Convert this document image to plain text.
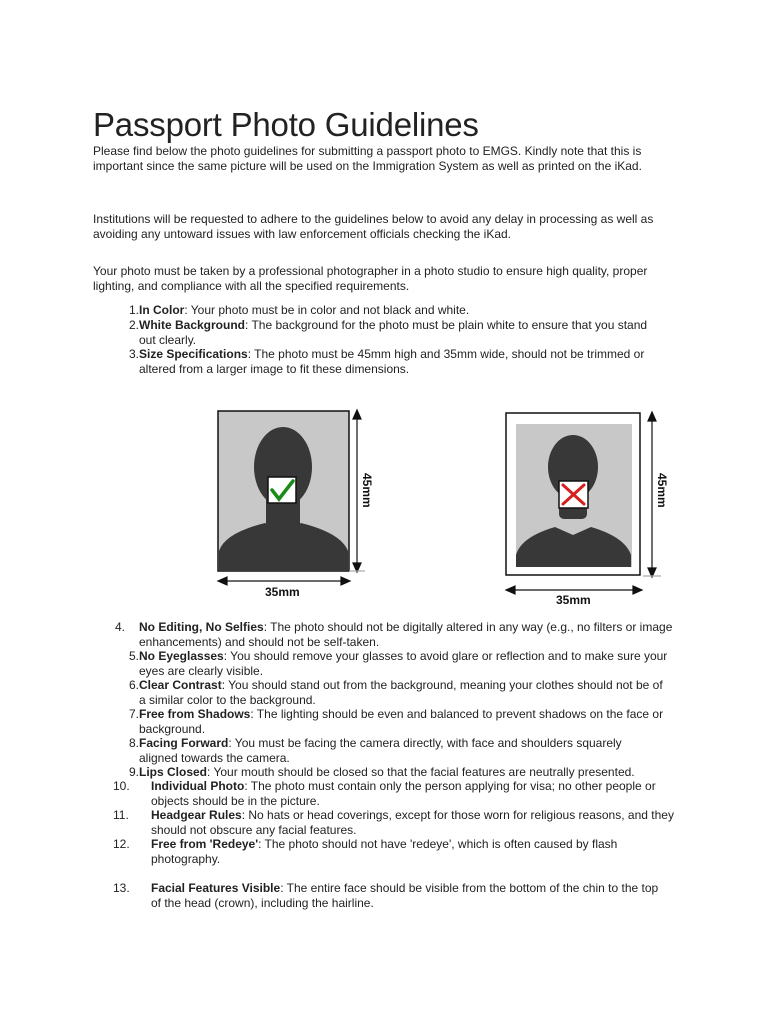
Passport Photo Guidelines

Please find below the photo guidelines for submitting a passport photo to EMGS. Kindly note that this is important since the same picture will be used on the Immigration System as well as printed on the iKad.

Institutions will be requested to adhere to the guidelines below to avoid any delay in processing as well as avoiding any untoward issues with law enforcement officials checking the iKad.

Your photo must be taken by a professional photographer in a photo studio to ensure high quality, proper lighting, and compliance with all the specified requirements.

1. In Color: Your photo must be in color and not black and white.
2. White Background: The background for the photo must be plain white to ensure that you stand out clearly.
3. Size Specifications: The photo must be 45mm high and 35mm wide, should not be trimmed or altered from a larger image to fit these dimensions.
45mm
35mm
45mm
35mm
4.	No Editing, No Selfies: The photo should not be digitally altered in any way (e.g., no filters or image enhancements) and should not be self-taken.
5. No Eyeglasses: You should remove your glasses to avoid glare or reflection and to make sure your eyes are clearly visible.
6. Clear Contrast: You should stand out from the background, meaning your clothes should not be of a similar color to the background.
7. Free from Shadows: The lighting should be even and balanced to prevent shadows on the face or background.
8. Facing Forward: You must be facing the camera directly, with face and shoulders squarely aligned towards the camera.
9. Lips Closed: Your mouth should be closed so that the facial features are neutrally presented.
10.	Individual Photo: The photo must contain only the person applying for visa; no other people or objects should be in the picture.
11.	Headgear Rules: No hats or head coverings, except for those worn for religious reasons, and they should not obscure any facial features.
12.	Free from 'Redeye': The photo should not have 'redeye', which is often caused by flash photography.
13.	Facial Features Visible: The entire face should be visible from the bottom of the chin to the top of the head (crown), including the hairline.
